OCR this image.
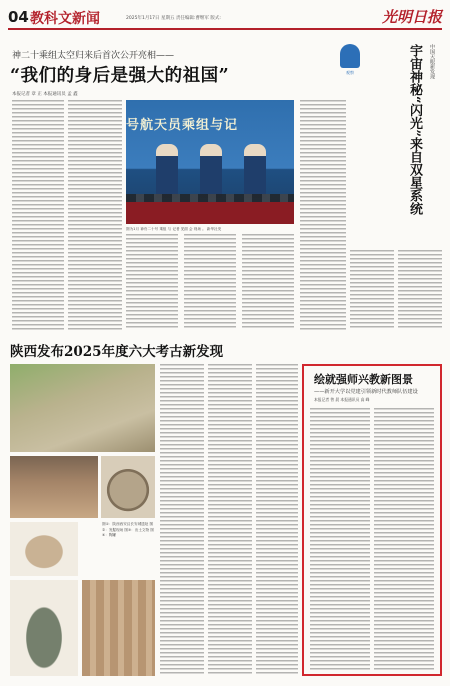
04 教科文新闻	2025年1月17日 星期五 责任编辑:曹继军 版式:	光明日报
神二十乘组太空归来后首次公开亮相——
“我们的身后是强大的祖国”
本报记者 章 正 本报通讯员 孟 鑫
号航天员乘组与记
图为1月 神舟二十号 乘组 与 记者 见面 会 现场 。 新华社发
观察	中国天眼新发现
宇宙神秘“闪光”来自双星系统
陕西发布2025年度六大考古新发现
图①：陕西西安汉长安城遗址 图②：发掘现场 图③：出土文物 图④：陶罐
绘就强师兴教新图景
——新开大学以党建引领新时代教师队伍建设
本报记者 曾 晨 本报通讯员 高 峰
